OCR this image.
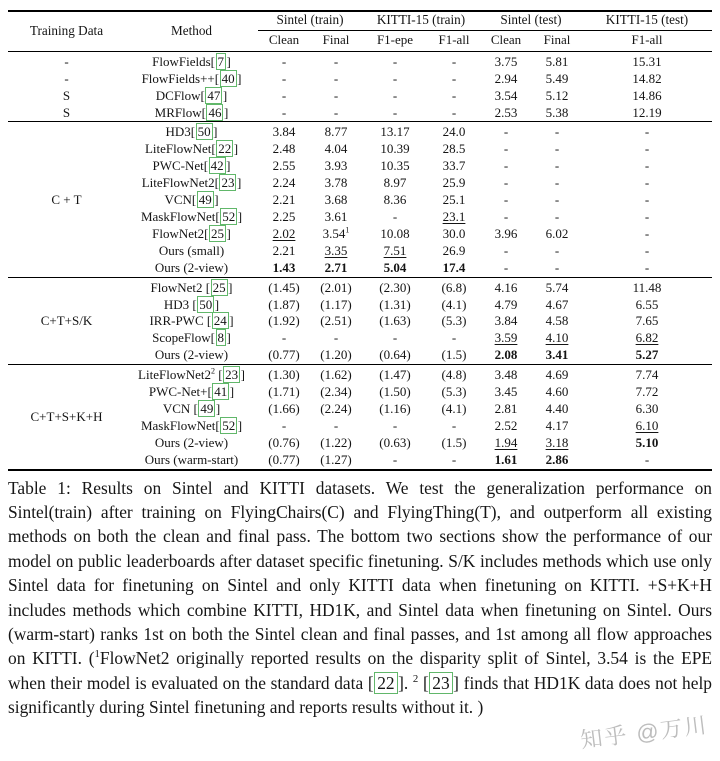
Training Data	Method	Sintel (train)		KITTI-15 (train)		Sintel (test)		KITTI-15 (test)

		Clean	Final	F1-epe	F1-all	Clean	Final	F1-all
-	FlowFields[ 7 ]	-	-	-	-	3.75	5.81	15.31
-	FlowFields++[ 40 ]	-	-	-	-	2.94	5.49	14.82
S	DCFlow[ 47 ]	-	-	-	-	3.54	5.12	14.86
S	MRFlow[ 46 ]	-	-	-	-	2.53	5.38	12.19
C + T	HD3[ 50 ]	3.84	8.77	13.17	24.0	-	-	-
	LiteFlowNet[ 22 ]	2.48	4.04	10.39	28.5	-	-	-
	PWC-Net[ 42 ]	2.55	3.93	10.35	33.7	-	-	-
	LiteFlowNet2[ 23 ]	2.24	3.78	8.97	25.9	-	-	-
	VCN[ 49 ]	2.21	3.68	8.36	25.1	-	-	-
	MaskFlowNet[ 52 ]	2.25	3.61	-	23.1	-	-	-
	FlowNet2[ 25 ]	2.02	3.54$^1$	10.08	30.0	3.96	6.02	-
	Ours (small)	2.21	3.35	7.51	26.9	-	-	-
	Ours (2-view)	1.43	2.71	5.04	17.4	-	-	-
C+T+S/K	FlowNet2 [ 25 ]	(1.45)	(2.01)	(2.30)	(6.8)	4.16	5.74	11.48
	HD3 [ 50 ]	(1.87)	(1.17)	(1.31)	(4.1)	4.79	4.67	6.55
	IRR-PWC [ 24 ]	(1.92)	(2.51)	(1.63)	(5.3)	3.84	4.58	7.65
	ScopeFlow[ 8 ]	-	-	-	-	3.59	4.10	6.82
	Ours (2-view)	(0.77)	(1.20)	(0.64)	(1.5)	2.08	3.41	5.27
C+T+S+K+H	$LiteFlowNet2^2$ [ 23 ]	(1.30)	(1.62)	(1.47)	(4.8)	3.48	4.69	7.74
	PWC-Net+[ 41 ]	(1.71)	(2.34)	(1.50)	(5.3)	3.45	4.60	7.72
	VCN [ 49 ]	(1.66)	(2.24)	(1.16)	(4.1)	2.81	4.40	6.30
	MaskFlowNet[ 52 ]	-	-	-	-	2.52	4.17	6.10
	Ours (2-view)	(0.76)	(1.22)	(0.63)	(1.5)	1.94	3.18	5.10
	Ours (warm-start)	(0.77)	(1.27)	-	-	1.61	2.86	-

Table 1: Results on Sintel and KITTI datasets. We test the generalization performance on Sintel(train) after training on FlyingChairs(C) and FlyingThing(T), and outperform all existing methods on both the clean and final pass. The bottom two sections show the performance of our model on public leaderboards after dataset specific finetuning. S/K includes methods which use only Sintel data for finetuning on Sintel and only KITTI data when finetuning on KITTI. +S+K+H includes methods which combine KITTI, HD1K, and Sintel data when finetuning on Sintel. Ours (warm-start) ranks 1st on both the Sintel clean and final passes, and 1st among all flow approaches on KITTI. ($^1$FlowNet2 originally reported results on the disparity split of Sintel, 3.54 is the EPE when their model is evaluated on the standard data [ 22 ]. $^2$ [ 23 ] finds that HD1K data does not help significantly during Sintel finetuning and reports results without it. )

知乎 @万川
